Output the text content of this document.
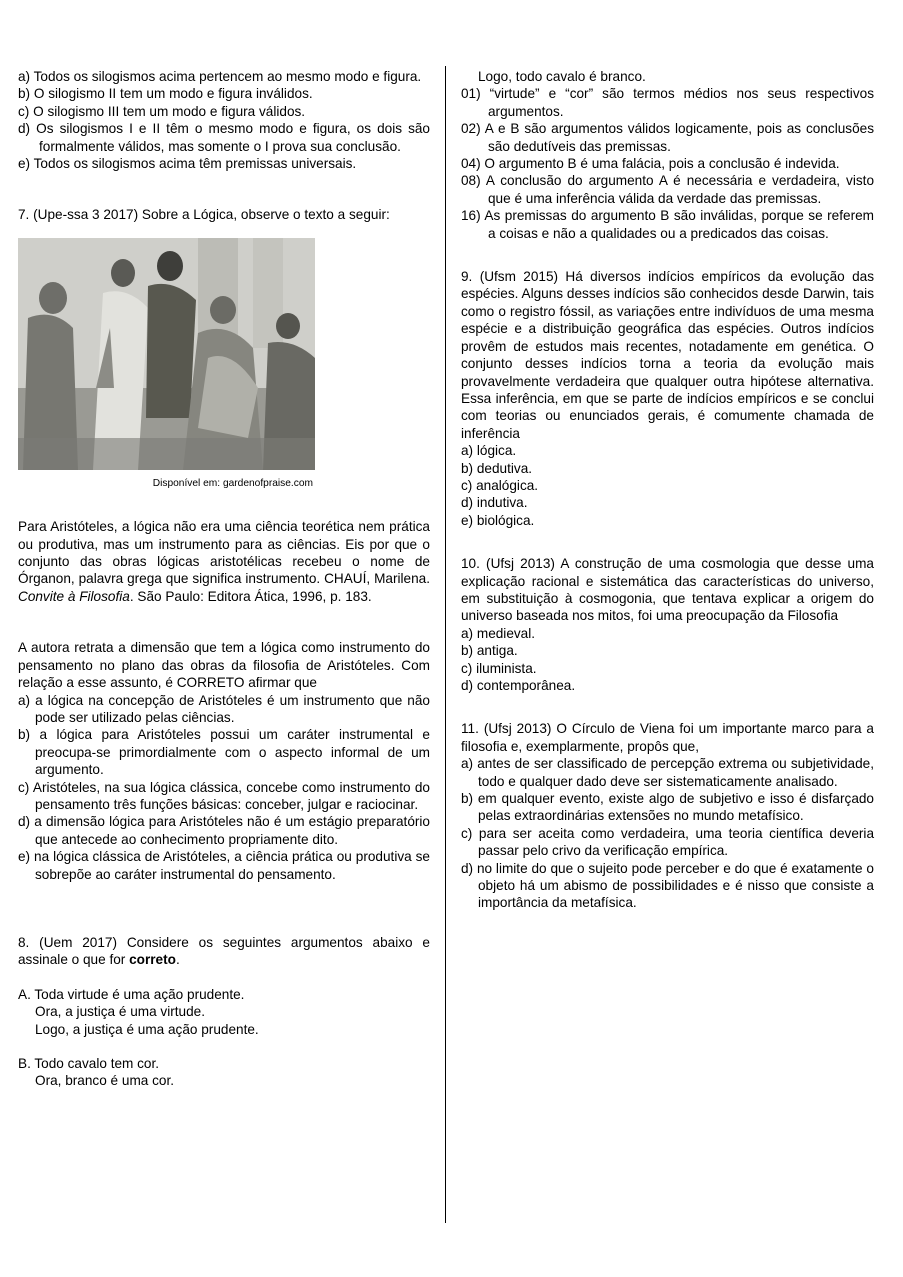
a) Todos os silogismos acima pertencem ao mesmo modo e figura.

b) O silogismo II tem um modo e figura inválidos.

c) O silogismo III tem um modo e figura válidos.

d) Os silogismos I e II têm o mesmo modo e figura, os dois são formalmente válidos, mas somente o I prova sua conclusão.

e) Todos os silogismos acima têm premissas universais.

7. (Upe-ssa 3 2017) Sobre a Lógica, observe o texto a seguir:

Disponível em: gardenofpraise.com

Para Aristóteles, a lógica não era uma ciência teorética nem prática ou produtiva, mas um instrumento para as ciências. Eis por que o conjunto das obras lógicas aristotélicas recebeu o nome de Órganon, palavra grega que significa instrumento. CHAUÍ, Marilena. Convite à Filosofia. São Paulo: Editora Ática, 1996, p. 183.

A autora retrata a dimensão que tem a lógica como instrumento do pensamento no plano das obras da filosofia de Aristóteles. Com relação a esse assunto, é CORRETO afirmar que

a) a lógica na concepção de Aristóteles é um instrumento que não pode ser utilizado pelas ciências.

b) a lógica para Aristóteles possui um caráter instrumental e preocupa-se primordialmente com o aspecto informal de um argumento.

c) Aristóteles, na sua lógica clássica, concebe como instrumento do pensamento três funções básicas: conceber, julgar e raciocinar.

d) a dimensão lógica para Aristóteles não é um estágio preparatório que antecede ao conhecimento propriamente dito.

e) na lógica clássica de Aristóteles, a ciência prática ou produtiva se sobrepõe ao caráter instrumental do pensamento.

8. (Uem 2017) Considere os seguintes argumentos abaixo e assinale o que for correto.

A. Toda virtude é uma ação prudente.

Ora, a justiça é uma virtude.

Logo, a justiça é uma ação prudente.

B. Todo cavalo tem cor.

Ora, branco é uma cor.

Logo, todo cavalo é branco.

01) “virtude” e “cor” são termos médios nos seus respectivos argumentos.

02) A e B são argumentos válidos logicamente, pois as conclusões são dedutíveis das premissas.

04) O argumento B é uma falácia, pois a conclusão é indevida.

08) A conclusão do argumento A é necessária e verdadeira, visto que é uma inferência válida da verdade das premissas.

16) As premissas do argumento B são inválidas, porque se referem a coisas e não a qualidades ou a predicados das coisas.

9. (Ufsm 2015) Há diversos indícios empíricos da evolução das espécies. Alguns desses indícios são conhecidos desde Darwin, tais como o registro fóssil, as variações entre indivíduos de uma mesma espécie e a distribuição geográfica das espécies. Outros indícios provêm de estudos mais recentes, notadamente em genética. O conjunto desses indícios torna a teoria da evolução mais provavelmente verdadeira que qualquer outra hipótese alternativa. Essa inferência, em que se parte de indícios empíricos e se conclui com teorias ou enunciados gerais, é comumente chamada de inferência

a) lógica.

b) dedutiva.

c) analógica.

d) indutiva.

e) biológica.

10. (Ufsj 2013) A construção de uma cosmologia que desse uma explicação racional e sistemática das características do universo, em substituição à cosmogonia, que tentava explicar a origem do universo baseada nos mitos, foi uma preocupação da Filosofia

a) medieval.

b) antiga.

c) iluminista.

d) contemporânea.

11. (Ufsj 2013) O Círculo de Viena foi um importante marco para a filosofia e, exemplarmente, propôs que,

a) antes de ser classificado de percepção extrema ou subjetividade, todo e qualquer dado deve ser sistematicamente analisado.

b) em qualquer evento, existe algo de subjetivo e isso é disfarçado pelas extraordinárias extensões no mundo metafísico.

c) para ser aceita como verdadeira, uma teoria científica deveria passar pelo crivo da verificação empírica.

d) no limite do que o sujeito pode perceber e do que é exatamente o objeto há um abismo de possibilidades e é nisso que consiste a importância da metafísica.
